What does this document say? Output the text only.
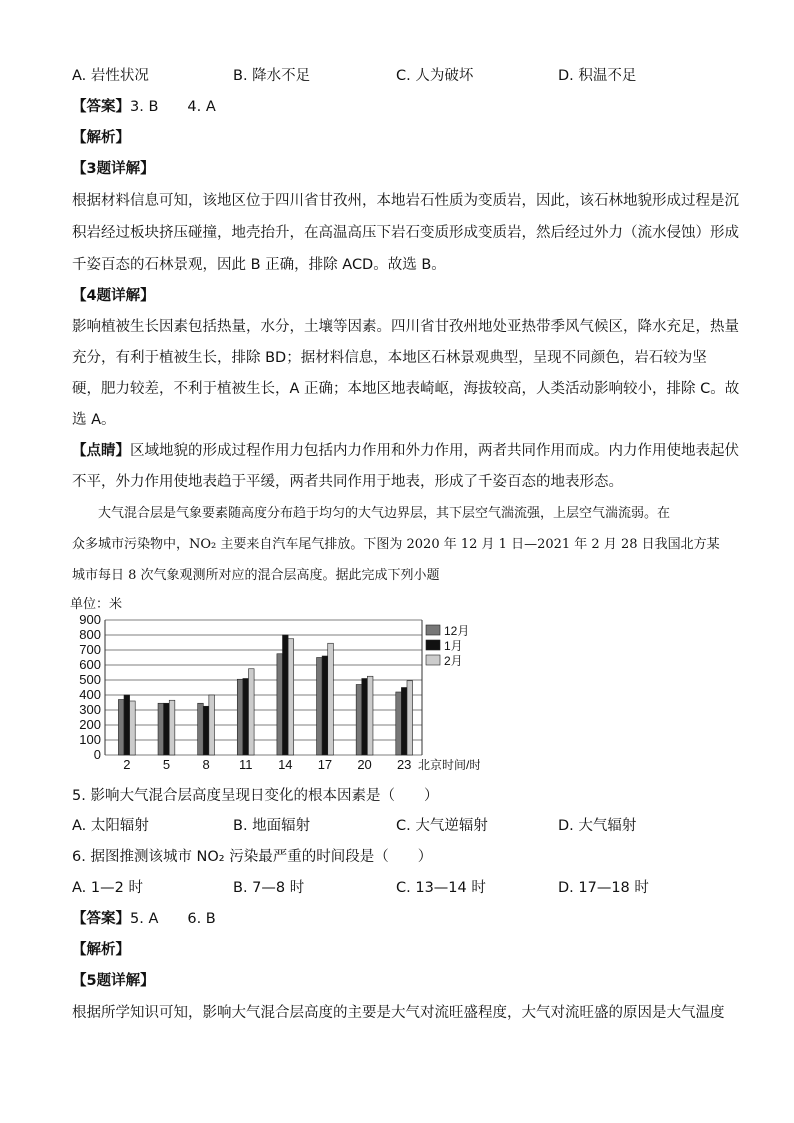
A. 岩性状况	B. 降水不足	C. 人为破坏	D. 积温不足
【答案】3. B　　4. A
【解析】
【3题详解】
根据材料信息可知，该地区位于四川省甘孜州，本地岩石性质为变质岩，因此，该石林地貌形成过程是沉
积岩经过板块挤压碰撞，地壳抬升，在高温高压下岩石变质形成变质岩，然后经过外力（流水侵蚀）形成
千姿百态的石林景观，因此 B 正确，排除 ACD。故选 B。
【4题详解】
影响植被生长因素包括热量，水分，土壤等因素。四川省甘孜州地处亚热带季风气候区，降水充足，热量
充分，有利于植被生长，排除 BD；据材料信息，本地区石林景观典型，呈现不同颜色，岩石较为坚
硬，肥力较差，不利于植被生长，A 正确；本地区地表崎岖，海拔较高，人类活动影响较小，排除 C。故
选 A。
【点睛】区域地貌的形成过程作用力包括内力作用和外力作用，两者共同作用而成。内力作用使地表起伏
不平，外力作用使地表趋于平缓，两者共同作用于地表，形成了千姿百态的地表形态。
　　大气混合层是气象要素随高度分布趋于均匀的大气边界层，其下层空气湍流强，上层空气湍流弱。在
众多城市污染物中，NO₂ 主要来自汽车尾气排放。下图为 2020 年 12 月 1 日—2021 年 2 月 28 日我国北方某
城市每日 8 次气象观测所对应的混合层高度。据此完成下列小题
单位：米
0
100
200
300
400
500
600
700
800
900
2 5 8 11 14 17 20 23 北京时间/时
12月
1月
2月
5. 影响大气混合层高度呈现日变化的根本因素是（　　）
A. 太阳辐射	B. 地面辐射	C. 大气逆辐射	D. 大气辐射
6. 据图推测该城市 NO₂ 污染最严重的时间段是（　　）
A. 1—2 时	B. 7—8 时	C. 13—14 时	D. 17—18 时
【答案】5. A　　6. B
【解析】
【5题详解】
根据所学知识可知，影响大气混合层高度的主要是大气对流旺盛程度，大气对流旺盛的原因是大气温度
